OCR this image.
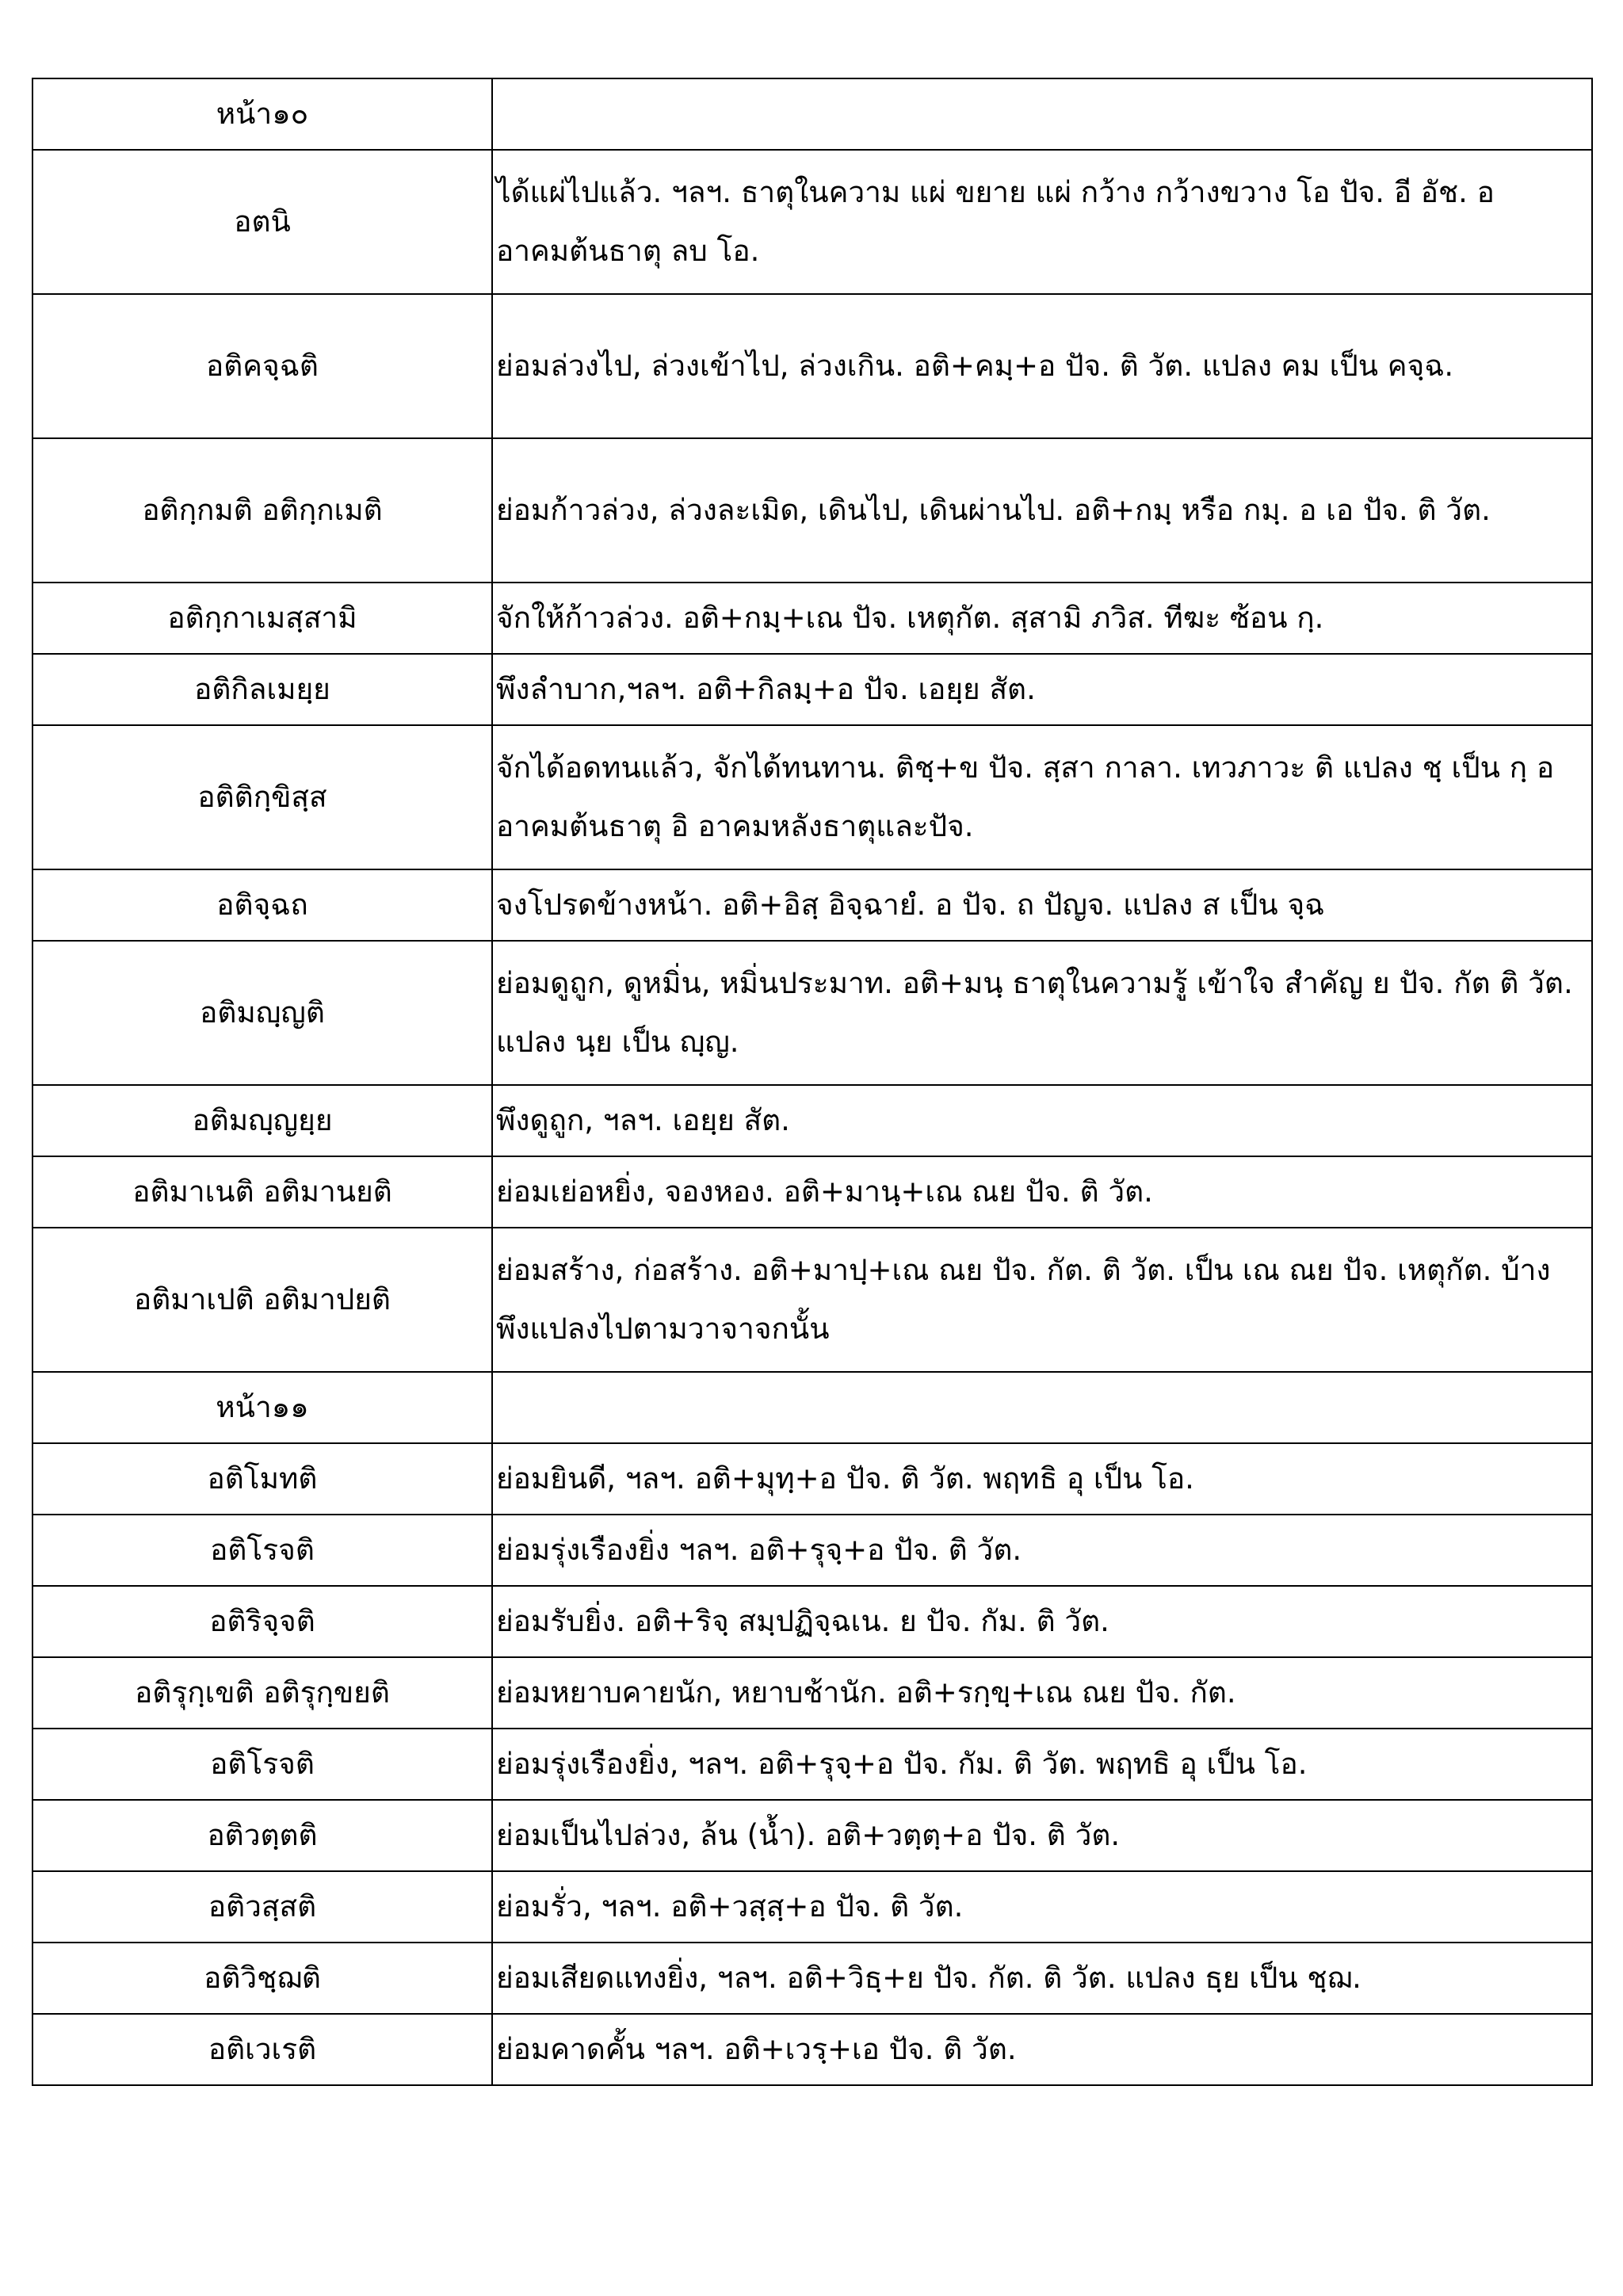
หน้า๑๐	
อตนิ	ได้แผ่ไปแล้ว. ฯลฯ. ธาตุในความ แผ่ ขยาย แผ่ กว้าง กว้างขวาง โอ ปัจ. อี อัช. อ อาคมต้นธาตุ ลบ โอ.
อติคจฺฉติ	ย่อมล่วงไป, ล่วงเข้าไป, ล่วงเกิน. อติ+คมฺ+อ ปัจ. ติ วัต. แปลง คม เป็น คจฺฉ.
อติกฺกมติ อติกฺกเมติ	ย่อมก้าวล่วง, ล่วงละเมิด, เดินไป, เดินผ่านไป. อติ+กมฺ หรือ กมฺ. อ เอ ปัจ. ติ วัต.
อติกฺกาเมสฺสามิ	จักให้ก้าวล่วง. อติ+กมฺ+เณ ปัจ. เหตุกัต. สฺสามิ ภวิส. ทีฆะ ซ้อน กฺ.
อติกิลเมยฺย	พึงลำบาก,ฯลฯ. อติ+กิลมฺ+อ ปัจ. เอยฺย สัต.
อติติกฺขิสฺส	จักได้อดทนแล้ว, จักได้ทนทาน. ติชฺ+ข ปัจ. สฺสา กาลา. เทวภาวะ ติ แปลง ชฺ เป็น กฺ อ อาคมต้นธาตุ อิ อาคมหลังธาตุและปัจ.
อติจฺฉถ	จงโปรดข้างหน้า. อติ+อิสฺ อิจฺฉายํ. อ ปัจ. ถ ปัญจ. แปลง ส เป็น จฺฉ
อติมญฺญติ	ย่อมดูถูก, ดูหมิ่น, หมิ่นประมาท. อติ+มนฺ ธาตุในความรู้ เข้าใจ สำคัญ ย ปัจ. กัต ติ วัต. แปลง นฺย เป็น ญฺญ.
อติมญฺญยฺย	พึงดูถูก, ฯลฯ. เอยฺย สัต.
อติมาเนติ อติมานยติ	ย่อมเย่อหยิ่ง, จองหอง. อติ+มานฺ+เณ ณย ปัจ. ติ วัต.
อติมาเปติ อติมาปยติ	ย่อมสร้าง, ก่อสร้าง. อติ+มาปฺ+เณ ณย ปัจ. กัต. ติ วัต. เป็น เณ ณย ปัจ. เหตุกัต. บ้าง พึงแปลงไปตามวาจาจกนั้น
หน้า๑๑	
อติโมทติ	ย่อมยินดี, ฯลฯ. อติ+มุทฺ+อ ปัจ. ติ วัต. พฤทธิ อุ เป็น โอ.
อติโรจติ	ย่อมรุ่งเรืองยิ่ง ฯลฯ. อติ+รุจฺ+อ ปัจ. ติ วัต.
อติริจฺจติ	ย่อมรับยิ่ง. อติ+ริจฺ สมฺปฏิจฺฉเน. ย ปัจ. กัม. ติ วัต.
อติรุกฺเขติ อติรุกฺขยติ	ย่อมหยาบคายนัก, หยาบช้านัก. อติ+รกฺขฺ+เณ ณย ปัจ. กัต.
อติโรจติ	ย่อมรุ่งเรืองยิ่ง, ฯลฯ. อติ+รุจฺ+อ ปัจ. กัม. ติ วัต. พฤทธิ อุ เป็น โอ.
อติวตฺตติ	ย่อมเป็นไปล่วง, ล้น (น้ำ). อติ+วตฺตฺ+อ ปัจ. ติ วัต.
อติวสฺสติ	ย่อมรั่ว, ฯลฯ. อติ+วสฺสฺ+อ ปัจ. ติ วัต.
อติวิชฺฌติ	ย่อมเสียดแทงยิ่ง, ฯลฯ. อติ+วิธฺ+ย ปัจ. กัต. ติ วัต. แปลง ธฺย เป็น ชฺฌ.
อติเวเรติ	ย่อมคาดคั้น ฯลฯ. อติ+เวรฺ+เอ ปัจ. ติ วัต.
